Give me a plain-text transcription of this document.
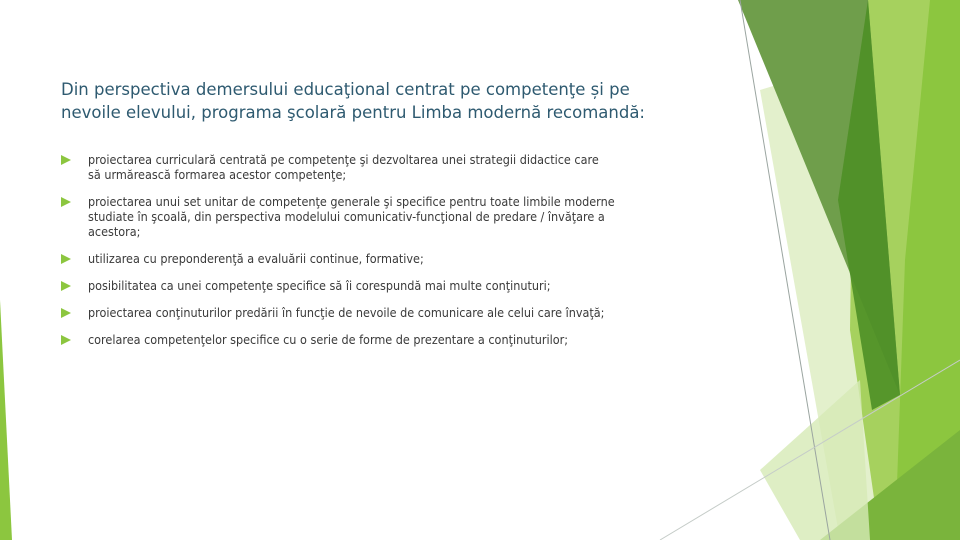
Din perspectiva demersului educaţional centrat pe competenţe și pe
nevoile elevului, programa şcolară pentru Limba modernă recomandă:
proiectarea curriculară centrată pe competenţe şi dezvoltarea unei strategii didactice care
să urmărească formarea acestor competenţe;
proiectarea unui set unitar de competenţe generale şi specifice pentru toate limbile moderne
studiate în şcoală, din perspectiva modelului comunicativ-funcţional de predare / învăţare a
acestora;
utilizarea cu preponderenţă a evaluării continue, formative;
posibilitatea ca unei competenţe specifice să îi corespundă mai multe conţinuturi;
proiectarea conţinuturilor predării în funcţie de nevoile de comunicare ale celui care învaţă;
corelarea competenţelor specifice cu o serie de forme de prezentare a conţinuturilor;
